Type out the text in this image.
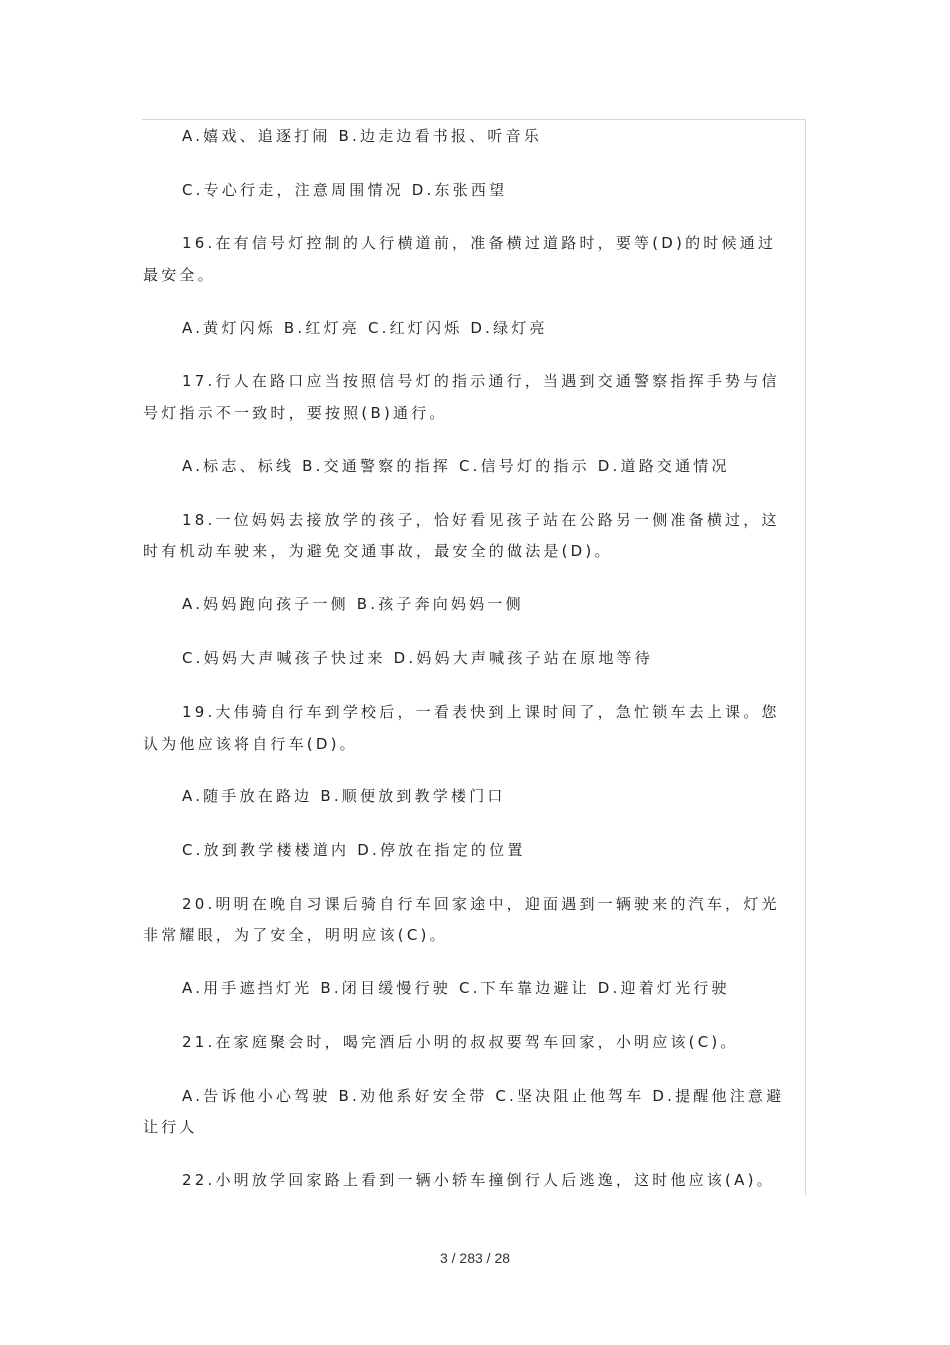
A.嬉戏、追逐打闹 B.边走边看书报、听音乐
C.专心行走，注意周围情况 D.东张西望
16.在有信号灯控制的人行横道前，准备横过道路时，要等(D)的时候通过
最安全。
A.黄灯闪烁 B.红灯亮 C.红灯闪烁 D.绿灯亮
17.行人在路口应当按照信号灯的指示通行，当遇到交通警察指挥手势与信
号灯指示不一致时，要按照(B)通行。
A.标志、标线 B.交通警察的指挥 C.信号灯的指示 D.道路交通情况
18.一位妈妈去接放学的孩子，恰好看见孩子站在公路另一侧准备横过，这
时有机动车驶来，为避免交通事故，最安全的做法是(D)。
A.妈妈跑向孩子一侧 B.孩子奔向妈妈一侧
C.妈妈大声喊孩子快过来 D.妈妈大声喊孩子站在原地等待
19.大伟骑自行车到学校后，一看表快到上课时间了，急忙锁车去上课。您
认为他应该将自行车(D)。
A.随手放在路边 B.顺便放到教学楼门口
C.放到教学楼楼道内 D.停放在指定的位置
20.明明在晚自习课后骑自行车回家途中，迎面遇到一辆驶来的汽车，灯光
非常耀眼，为了安全，明明应该(C)。
A.用手遮挡灯光 B.闭目缓慢行驶 C.下车靠边避让 D.迎着灯光行驶
21.在家庭聚会时，喝完酒后小明的叔叔要驾车回家，小明应该(C)。
A.告诉他小心驾驶 B.劝他系好安全带 C.坚决阻止他驾车 D.提醒他注意避
让行人
22.小明放学回家路上看到一辆小轿车撞倒行人后逃逸，这时他应该(A)。
3 / 283 / 28
